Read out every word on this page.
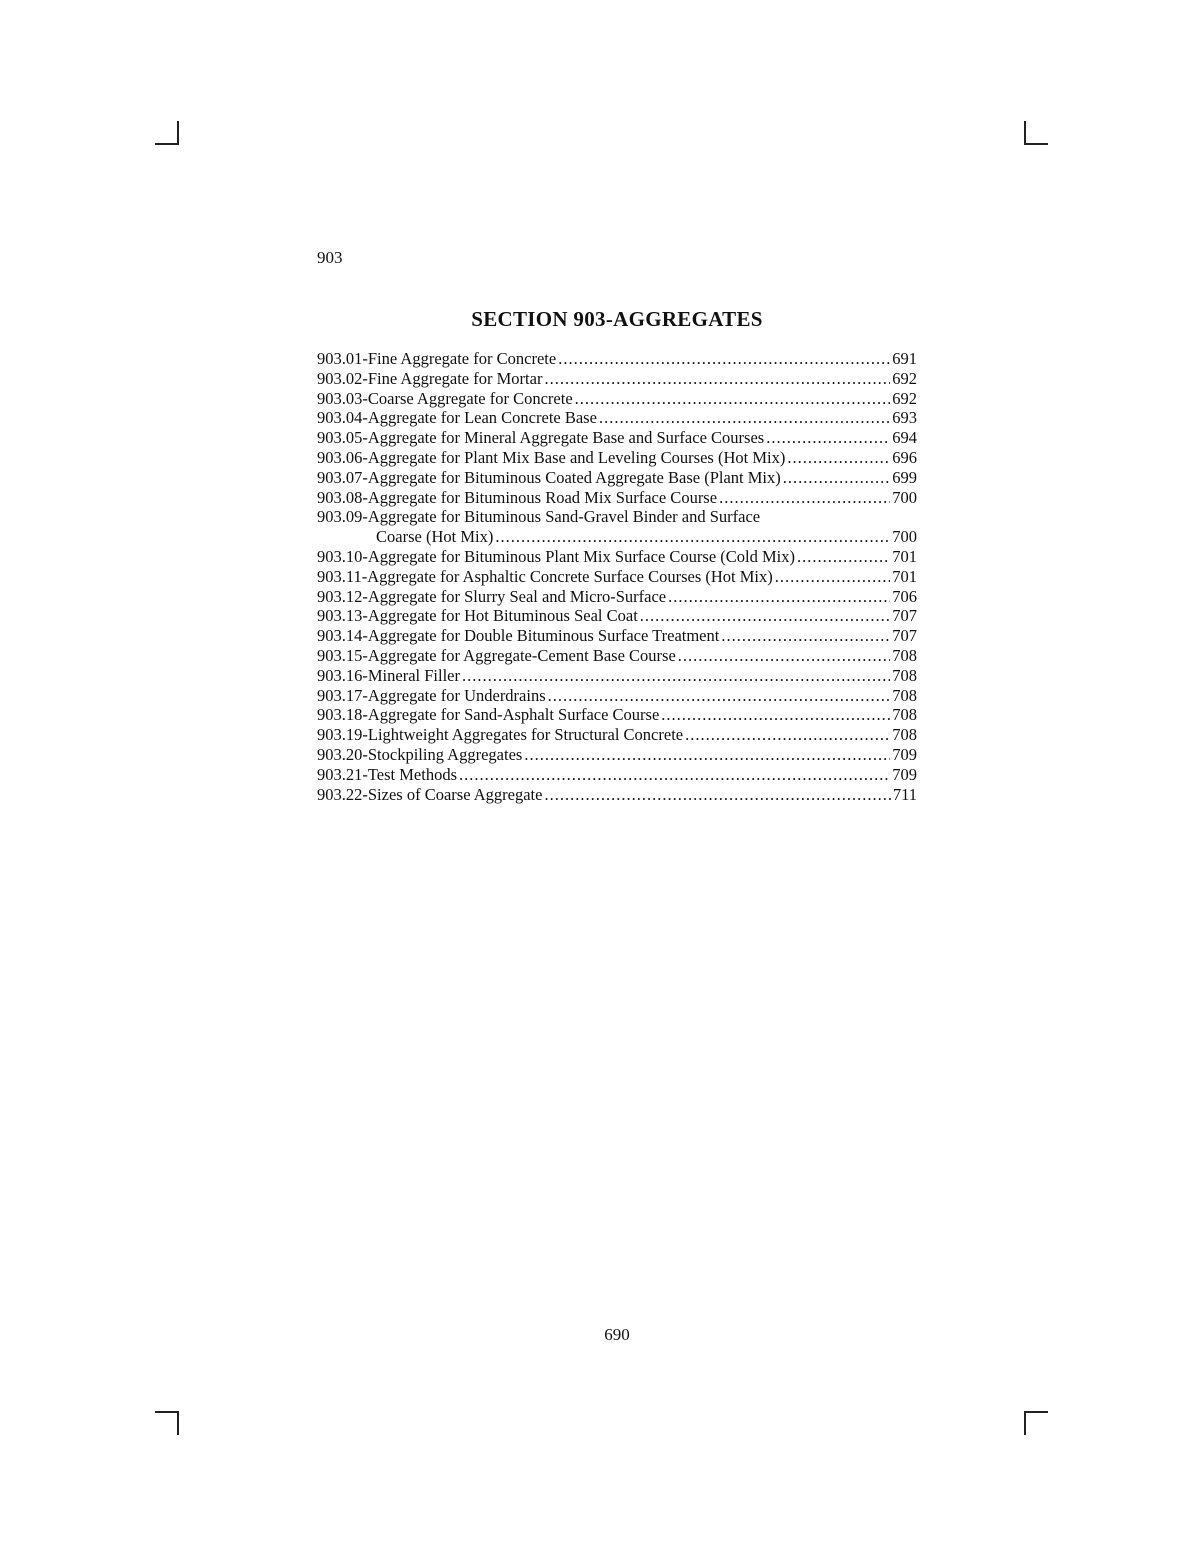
903
SECTION 903-AGGREGATES
903.01-Fine Aggregate for Concrete .....	691
903.02-Fine Aggregate for Mortar .....	692
903.03-Coarse Aggregate for Concrete .....	692
903.04-Aggregate for Lean Concrete Base .....	693
903.05-Aggregate for Mineral Aggregate Base and Surface Courses .....	694
903.06-Aggregate for Plant Mix Base and Leveling Courses (Hot Mix) .....	696
903.07-Aggregate for Bituminous Coated Aggregate Base (Plant Mix) .....	699
903.08-Aggregate for Bituminous Road Mix Surface Course .....	700
903.09-Aggregate for Bituminous Sand-Gravel Binder and Surface
Coarse (Hot Mix) .....	700
903.10-Aggregate for Bituminous Plant Mix Surface Course (Cold Mix) .....	701
903.11-Aggregate for Asphaltic Concrete Surface Courses (Hot Mix) .....	701
903.12-Aggregate for Slurry Seal and Micro-Surface .....	706
903.13-Aggregate for Hot Bituminous Seal Coat .....	707
903.14-Aggregate for Double Bituminous Surface Treatment .....	707
903.15-Aggregate for Aggregate-Cement Base Course .....	708
903.16-Mineral Filler .....	708
903.17-Aggregate for Underdrains .....	708
903.18-Aggregate for Sand-Asphalt Surface Course .....	708
903.19-Lightweight Aggregates for Structural Concrete .....	708
903.20-Stockpiling Aggregates .....	709
903.21-Test Methods .....	709
903.22-Sizes of Coarse Aggregate .....	711
690
